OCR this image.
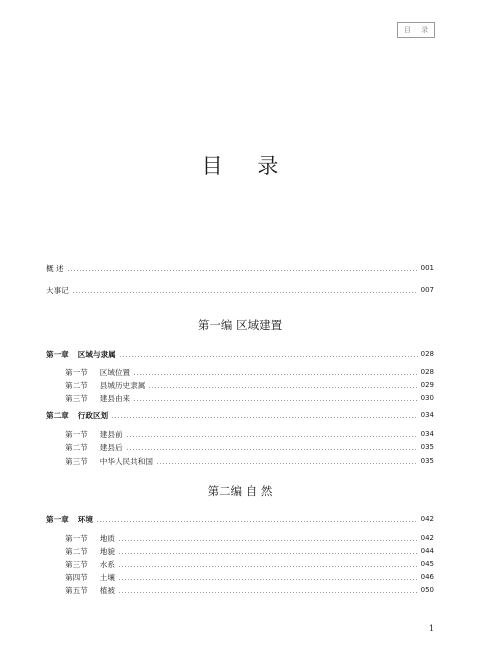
目 录
目 录
概 述	001
大事记	007
第一编 区域建置
第一章 区域与隶属	028
第一节 区域位置	028
第二节 县城历史隶属	029
第三节 建县由来	030
第二章 行政区划	034
第一节 建县前	034
第二节 建县后	035
第三节 中华人民共和国	035
第二编 自 然
第一章 环境	042
第一节 地质	042
第二节 地貌	044
第三节 水系	045
第四节 土壤	046
第五节 植被	050
1
